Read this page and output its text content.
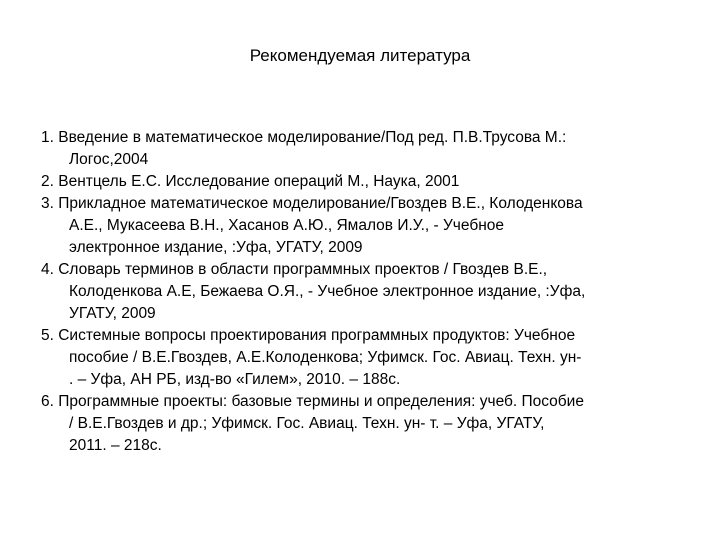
Рекомендуемая литература
1. Введение в математическое моделирование/Под ред. П.В.Трусова М.:
Логос,2004
2. Вентцель Е.С. Исследование операций М., Наука, 2001
3. Прикладное математическое моделирование/Гвоздев В.Е., Колоденкова
А.Е., Мукасеева В.Н., Хасанов А.Ю., Ямалов И.У., - Учебное
электронное издание, :Уфа, УГАТУ, 2009
4. Словарь терминов в области программных проектов / Гвоздев В.Е.,
Колоденкова А.Е, Бежаева О.Я., - Учебное электронное издание, :Уфа,
УГАТУ, 2009
5. Системные вопросы проектирования программных продуктов: Учебное
пособие / В.Е.Гвоздев, А.Е.Колоденкова; Уфимск. Гос. Авиац. Техн. ун-
. – Уфа, АН РБ, изд-во «Гилем», 2010. – 188с.
6. Программные проекты: базовые термины и определения: учеб. Пособие
/ В.Е.Гвоздев и др.; Уфимск. Гос. Авиац. Техн. ун- т. – Уфа, УГАТУ,
2011. – 218с.
